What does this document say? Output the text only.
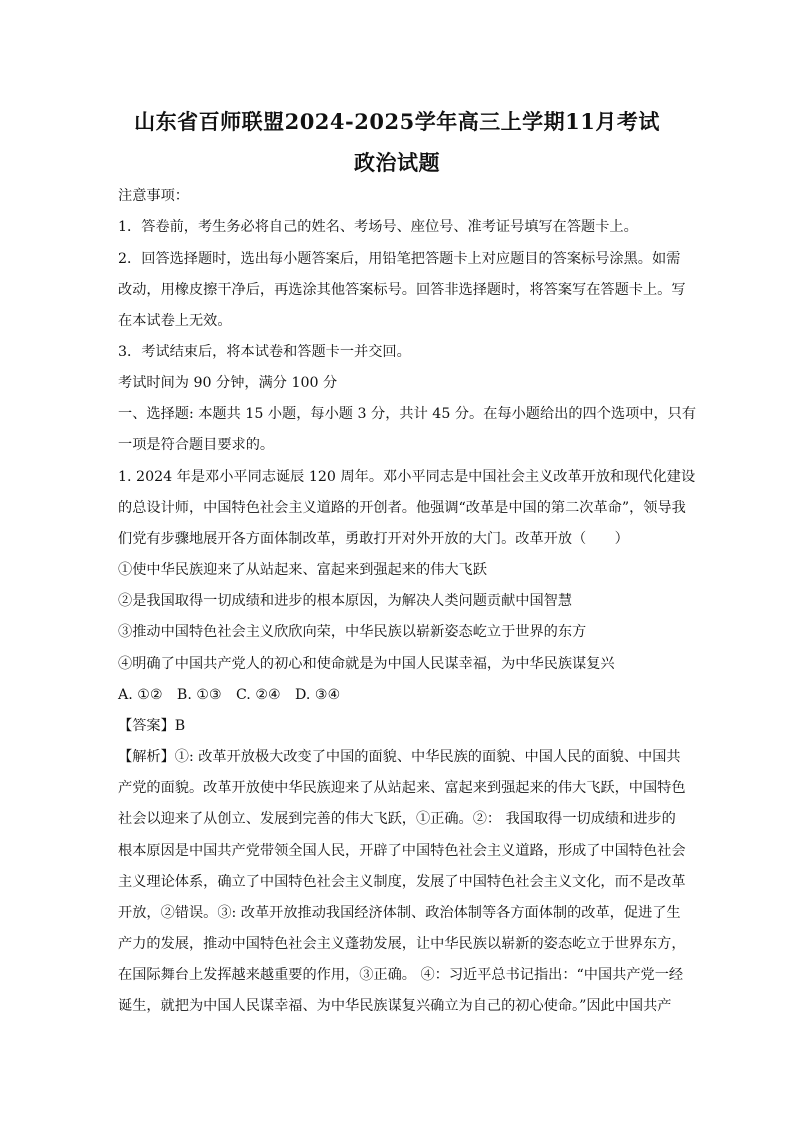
山东省百师联盟2024-2025学年高三上学期11月考试
政治试题
注意事项：
1．答卷前，考生务必将自己的姓名、考场号、座位号、准考证号填写在答题卡上。
2．回答选择题时，选出每小题答案后，用铅笔把答题卡上对应题目的答案标号涂黑。如需
改动，用橡皮擦干净后，再选涂其他答案标号。回答非选择题时，将答案写在答题卡上。写
在本试卷上无效。
3．考试结束后，将本试卷和答题卡一并交回。
考试时间为 90 分钟，满分 100 分
一、选择题: 本题共 15 小题，每小题 3 分，共计 45 分。在每小题给出的四个选项中，只有
一项是符合题目要求的。
1. 2024 年是邓小平同志诞辰 120 周年。邓小平同志是中国社会主义改革开放和现代化建设
的总设计师，中国特色社会主义道路的开创者。他强调“改革是中国的第二次革命”，领导我
们党有步骤地展开各方面体制改革，勇敢打开对外开放的大门。改革开放（　　）
①使中华民族迎来了从站起来、富起来到强起来的伟大飞跃
②是我国取得一切成绩和进步的根本原因，为解决人类问题贡献中国智慧
③推动中国特色社会主义欣欣向荣，中华民族以崭新姿态屹立于世界的东方
④明确了中国共产党人的初心和使命就是为中国人民谋幸福，为中华民族谋复兴
A. ①②　B. ①③　C. ②④　D. ③④
【答案】B
【解析】①: 改革开放极大改变了中国的面貌、中华民族的面貌、中国人民的面貌、中国共
产党的面貌。改革开放使中华民族迎来了从站起来、富起来到强起来的伟大飞跃，中国特色
社会以迎来了从创立、发展到完善的伟大飞跃，①正确。②： 我国取得一切成绩和进步的
根本原因是中国共产党带领全国人民，开辟了中国特色社会主义道路，形成了中国特色社会
主义理论体系，确立了中国特色社会主义制度，发展了中国特色社会主义文化，而不是改革
开放，②错误。③: 改革开放推动我国经济体制、政治体制等各方面体制的改革，促进了生
产力的发展，推动中国特色社会主义蓬勃发展，让中华民族以崭新的姿态屹立于世界东方，
在国际舞台上发挥越来越重要的作用，③正确。 ④：习近平总书记指出：“中国共产党一经
诞生，就把为中国人民谋幸福、为中华民族谋复兴确立为自己的初心使命。”因此中国共产
